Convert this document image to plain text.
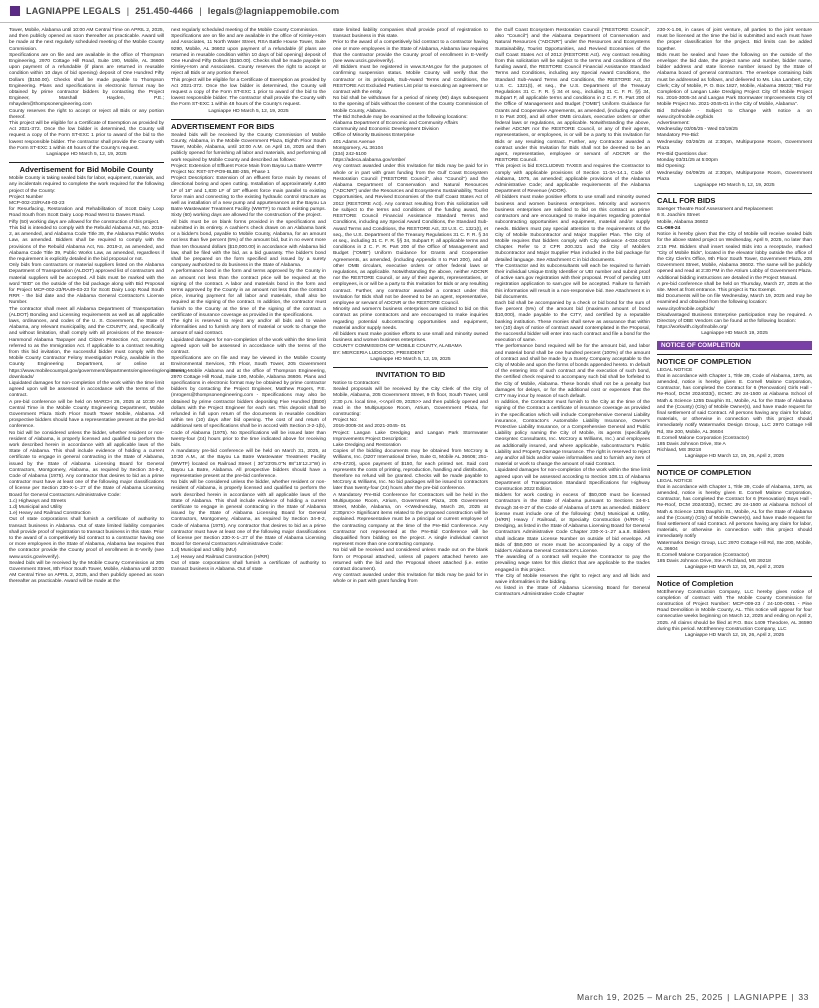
LAGNIAPPE LEGALS | 251.450-4466 | legals@lagniappemobile.com

Tower, Mobile, Alabama until 10:00 AM Central Time on APRIL 2, 2025, and then publicly opened as soon thereafter as practicable. Award will be made at the next regularly scheduled meeting of the Mobile County Commission.

Specifications are on file and are available in the office of Thompson Engineering, 2970 Cottage Hill Road, Suite 190, Mobile, AL 36606 upon payment of a refundable (if plans are returned in reusable condition within 10 days of bid opening) deposit of One Hundred Fifty Dollars ($150.00). Checks shall be made payable to Thompson Engineering. Plans and specifications in electronic format may be obtained by prime contractor bidders by contacting the Project Engineer, Marshall Hayden, P.E.; mhayden@thompsonengineering.com

County reserves the right to accept or reject all Bids or any portion thereof.

This project will be eligible for a Certificate of Exemption as provided by Act 2021-372. Once the low bidder is determined, the County will request a copy of the Form ST-EXC 1 prior to award of the bid to the lowest responsible bidder. The contractor shall provide the County with the Form ST-EXC 1 within 48 hours of the County's request.

Lagniappe HD March 5, 12, 19, 2025

Advertisement for Bid Mobile County

Mobile County is taking sealed bids for labor, equipment, materials, and any incidentals required to complete the work required for the following project of the County:

Project Number

MCP-002-23/RA49-03-23

for Resurfacing, Restoration and Rehabilitation of Scott Dairy Loop Road South from Scott Dairy Loop Road West to Dawes Road.

Fifty (50) working days are allowed for the construction of this project.

This bid is intended to comply with the Rebuild Alabama Act, No. 2019-2, as amended, and Alabama Code Title 39, the Alabama Public Works Law, as amended. Bidders shall be required to comply with the provisions of the Rebuild Alabama Act, No. 2019-2, as amended, and Alabama Code Title 39, Public Works Law, as amended, regardless if the requirement is explicitly detailed in the bid proposal or not.

Only bids from contractors or material suppliers listed on the Alabama Department of Transportation (ALDOT) approved list of contractors and material suppliers will be accepted. All bids must be marked with the word "BID" on the outside of the bid package along with Bid Proposal for Project MCP-002-23/RA49-03-23 for Scott Dairy Loop Road South RRR - the bid date and the Alabama General Contractor's License Number.

The contractor shall meet all Alabama Department of Transportation (ALDOT) Bonding and Licensing requirements as well as all applicable laws, ordinances, and codes of the U. S. Government, the State of Alabama, any relevant municipality, and the COUNTY, and, specifically and without limitation, shall comply with all provisions of the Beason-Hammond Alabama Taxpayer and Citizen Protection Act, commonly referred to as the Immigration Act. If applicable to a contract resulting from this bid invitation, the successful bidder must comply with the Mobile County Contractor Felony Investigation Policy, available in the County Engineering Department, or online at https://www.mobilecountyal.gov/government/departments/engineering/engineering-downloads/

Liquidated damages for non-completion of the work within the time limit agreed upon will be assessed in accordance with the terms of the contract.

A pre-bid conference will be held on MARCH 26, 2025 at 10:30 AM Central Time in the Mobile County Engineering Department, Mobile Government Plaza Sixth Floor South Tower Mobile, Alabama. All prospective bidders should have a representative present at the pre-bid conference.

No bid will be considered unless the bidder, whether resident or non-resident of Alabama, is properly licensed and qualified to perform the work described herein in accordance with all applicable laws of the State of Alabama. This shall include evidence of holding a current certificate to engage in general contracting in the State of Alabama, issued by the State of Alabama Licensing Board for General Contractors, Montgomery, Alabama, as required by Section 34-8-2, Code of Alabama (1975). Any contractor that desires to bid as a prime contractor must have at least one of the following major classifications of license per Section 230-X-1-.27 of the State of Alabama Licensing Board for General Contractors Administrative Code:

1.c) Highways and Streets

1.d) Municipal and Utility

1.e) Heavy and Railroad Construction

Out of state corporations shall furnish a certificate of authority to transact business in Alabama. Out of state limited liability companies shall provide proof of registration to transact business in this state. Prior to the award of a competitively bid contract to a contractor having one or more employees in the State of Alabama, Alabama law requires that the contractor provide the County proof of enrollment in E-Verify (see www.uscis.gov/everify).

Sealed bids will be received by the Mobile County Commission at 205 Government Street, 8th Floor South Tower, Mobile, Alabama until 10:00 AM Central Time on APRIL 2, 2025, and then publicly opened as soon thereafter as practicable. Award will be made at the

next regularly scheduled meeting of the Mobile County Commission.

Specifications are on file and are available in the office of Kimley-Horn and Associates, 11 North Water Street, RSA Battle House Tower, Suite 9290, Mobile, AL 36602 upon payment of a refundable (if plans are returned in reusable condition within 10 days of bid opening) deposit of One Hundred Fifty Dollars ($150.00). Checks shall be made payable to Kimley-Horn and Associates. County reserves the right to accept or reject all Bids or any portion thereof.

This project will be eligible for a Certificate of Exemption as provided by Act 2021-372. Once the low bidder is determined, the County will request a copy of the Form ST-EXC 1 prior to award of the bid to the lowest responsible bidder. The contractor shall provide the County with the Form ST-EXC 1 within 48 hours of the County's request.

Lagniappe HD March 5, 12, 19, 2025

ADVERTISEMENT FOR BIDS

Sealed bids will be received by the County Commission of Mobile County, Alabama, in the Mobile Government Plaza, Eighth Floor South Tower, Mobile, Alabama, until 10:00 A.M. on April 16, 2025 and then publicly opened for furnishing all labor and materials, and performing all work required by Mobile County and described as follows:

Project: Extension of Effluent Force Main from Bayou La Batre WWTF

Project No: RST-ST-PO9-BLBE-255, Phase 1

Project Description: Extension of an effluent force main by means of directional boring and open cutting. Installation of approximately 4,480 LF of 16" and 1,830 LF of 18" effluent force main parallel to existing force main and connecting to the existing hydraulic control structure as well as installation of a new pump and appurtenances at the Bayou La Batre Wastewater Treatment Facility (WWTF) to match existing pumps. Sixty (60) working days are allowed for the construction of the project.

All bids must be on blank forms provided in the specifications and submitted in its entirety. A cashier's check drawn on an Alabama bank or a bidder's bond, payable to Mobile County, Alabama, for an amount not less than five percent (5%) of the amount bid, but in no event more than ten thousand dollars ($10,000.00) in accordance with Alabama bid law, shall be filed with the bid, as a bid guaranty. The bidder's bond shall be prepared on the form specified and issued by a surety company authorized to do business in the State of Alabama.

A performance bond in the form and terms approved by the County in an amount not less than the contract price will be required at the signing of the contract. A labor and materials bond in the form and terms approved by the County in an amount not less than the contract price, insuring payment for all labor and materials, shall also be required at the signing of the contract. In addition, the contractor must furnish to the County at the time of the signing of the contract a certificate of insurance coverage as provided in the specifications.

The right is reserved to reject any and/or all bids and to waive informalities and to furnish any item of material or work to change the amount of said contract.

Liquidated damages for non-completion of the work within the time limit agreed upon will be assessed in accordance with the terms of the contract.

Specifications are on file and may be viewed in the Mobile County Environmental Services, 7th Floor, South Tower, 205 Government Street, Mobile Alabama and at the office of Thompson Engineering, 2970 Cottage Hill Road, Suite 190, Mobile, Alabama 36606. Plans and specifications in electronic format may be obtained by prime contractor bidders by contacting the Project Engineer, Matthew Rogers, P.E. (mrogers@thompsonengineering.com - Specifications may also be obtained by prime contractor bidders depositing Five Hundred ($500) dollars with the Project Engineer for each set. This deposit shall be refunded in full upon return of the documents in reusable condition within ten (10) days after bid opening. The cost of and return of additional sets of specifications shall be in accord with Section 3-2-1(b), Code of Alabama (1975). No Specifications will be issued later than twenty-four (24) hours prior to the time indicated above for receiving bids.

A mandatory pre-bid conference will be held on March 31, 2025, at 10:30 A.M., at the Bayou La Batre Wastewater Treatment Facility (WWTF) located on Railroad Street ( 30°23'05.0"N 88°15'12.2"W) in Bayou La Batre, Alabama. All prospective bidders should have a representative present at the pre-bid conference.

No bids will be considered unless the bidder, whether resident or non-resident of Alabama, is properly licensed and qualified to perform the work described herein in accordance with all applicable laws of the State of Alabama. This shall include evidence of holding a current certificate to engage in general contracting in the State of Alabama issued by the State of Alabama Licensing Board for General Contractors, Montgomery, Alabama, as required by Section 34-8-2, Code of Alabama (1975). Any contractor that desires to bid as a prime contractor must have at least one of the following major classifications of license per Section 230-X-1-.27 of the State of Alabama Licensing Board for General Contractors Administrative Code:

1.d) Municipal and Utility (MU)

1.e) Heavy and Railroad Construction (H/RR)

Out of state corporations shall furnish a certificate of authority to transact business in Alabama. Out of state

state limited liability companies shall provide proof of registration to transact business in this state.

Prior to the award of a competitively bid contract to a contractor having one or more employees in the State of Alabama, Alabama law requires that the contractor provide the County proof of enrollment in E-Verify (see www.uscis.gov/everify).

All Bidders must be registered in www.SAM.gov for the purposes of confirming suspension status. Mobile County will verify that the contractor or its principals, Sub-Award Terms and Conditions, the RESTORE Act Excluded Parties List prior to executing an agreement or contract with the entity.

No bid shall be withdrawn for a period of ninety (90) days subsequent to the opening of bids without the consent of the County Commission of Mobile County, Alabama.

The Bid Schedule may be examined at the following locations:

Alabama Department of Economic and Community Affairs

Community and Economic Development Division

Office of Minority Business Enterprise

401 Adams Avenue

Montgomery, AL 36104

(334) 242-5100

https://adeca.alabama.gov/ombe/

Any contract awarded under this Invitation for Bids may be paid for in whole or in part with grant funding from the Gulf Coast Ecosystem Restoration Council ("RESTORE Council", also "Council") and the Alabama Department of Conservation and Natural Resources ("ADCNR") under the Resources and Ecosystems Sustainability, Tourist Opportunities, and Revived Economies of the Gulf Coast States Act of 2012 (RESTORE Act). Any contract resulting from this solicitation will be subject to the terms and conditions of the funding award, the RESTORE Council Financial Assistance Standard Terms and Conditions, including any Special Award Conditions, the Standard Sub-Award Terms and Conditions, the RESTORE Act, 33 U.S. C. 1321(t), et seq., the U.S. Department of the Treasury Regulations 31 C. F. R. § 34 et seq., including 31 C. F. R. §§ 34, Subpart F, all applicable terms and conditions in 2 C. F. R. Part 200 of the Office of Management and Budget ("OMB") Uniform Guidance for Grants and Cooperative Agreements, as amended, (including Appendix II to Part 200), and all other OMB circulars, executive orders or other federal laws or regulations, as applicable. Notwithstanding the above, neither ADCNR nor the RESTORE Council, or any of their agents, representatives, or employees, is or will be a party to this Invitation for Bids or any resulting contract. Further, any contractor awarded a contract under this Invitation for Bids shall not be deemed to be an agent, representative, employee or servant of ADCNR or the RESTORE Council.

Minority and women's business enterprises are solicited to bid on this contract as prime contractors and are encouraged to make inquiries regarding potential subcontracting opportunities and equipment, material and/or supply needs.

All bidders must make positive efforts to use small and minority owned business and women business enterprises.

COUNTY COMMISSION OF MOBILE COUNTY, ALABAMA

BY: MERCERIA LUDGOOD, PRESIDENT

Lagniappe HD March 5, 12, 19, 2025

INVITATION TO BID

Notice to Contractors:

Sealed proposals will be received by the City Clerk of the City of Mobile, Alabama, 205 Government Street, 9 th floor, South Tower, until 2:30 p.m. local time, <<April 09, 2025>> and then publicly opened and read in the Multipurpose Room, Atrium, Government Plaza, for constructing:

Project No:

2016-3005-34 and 2021-2045- 01

Project: Langan Lake Dredging and Langan Park Stormwater Improvements Project Description:

Lake Dredging and Restoration

Copies of the bidding documents may be obtained from McCrory & Williams, Inc. (3207 International Drive, Suite G, Mobile AL 36606; 251-476-4720), upon payment of $150, for each printed set. Said cost represents the costs of printing, reproduction, handling and distribution, therefore no refund will be granted. Checks will be made payable to McCrory & Williams, Inc. No bid packages will be issued to contractors later than twenty-four (24) hours after the pre-bid conference.

A Mandatory Pre-Bid Conference for Contractors will be held in the Multipurpose Room, Atrium, Government Plaza, 205 Government Street, Mobile, Alabama, on <<Wednesday, March 26, 2025 at 2:30pm>> Significant items related to the proposed construction will be explained. Representative must be a principal or current employee of the contracting company at the time of the Pre-Bid Conference. Any Contractor not represented at the Pre-Bid Conference will be disqualified from bidding on the project. A single individual cannot represent more than one contracting company.

No bid will be received and considered unless made out on the blank form or Proposal attached, unless all papers attached hereto are returned with the bid and the Proposal sheet attached (i.e. entire contract document).

Any contract awarded under this Invitation for Bids may be paid for in whole or in part with grant funding from

the Gulf Coast Ecosystem Restoration Council ("RESTORE Council", also "Council") and the Alabama Department of Conservation and Natural Resources ("ADCNR") under the Resources and Ecosystems Sustainability, Tourist Opportunities, and Revived Economies of the Gulf Coast States Act of 2012 (RESTORE Act). Any contract resulting from this solicitation will be subject to the terms and conditions of the funding award, the RESTORE Council Financial Assistance Standard Terms and Conditions, including any Special Award Conditions, the Standard Sub-Award Terms and Conditions, the RESTORE Act, 33 U.S. C. 1321(t), et seq., the U.S. Department of the Treasury Regulations 31 C. F. R. § 34 et seq., including 31 C. F. R. §§ 34, Subpart F, all applicable terms and conditions in 2 C. F. R. Part 200 of the Office of Management and Budget ("OMB") Uniform Guidance for Grants and Cooperative Agreements, as amended, (including Appendix II to Part 200), and all other OMB circulars, executive orders or other federal laws or regulations, as applicable. Notwithstanding the above, neither ADCNR nor the RESTORE Council, or any of their agents, representatives, or employees, is or will be a party to this Invitation for Bids or any resulting contract. Further, any Contractor awarded a contract under this Invitation for Bids shall not be deemed to be an agent, representative, employee or servant of ADCNR or the RESTORE Council.

This project is bid EXCLUDING TAXES and requires the Contractor to comply with applicable provisions of Section 11-3A-14.1, Code of Alabama, 1975, as amended; applicable provisions of the Alabama Administrative Code; and applicable requirements of the Alabama Department of Revenue (ADOR).

All bidders must make positive efforts to use small and minority owned business and women business enterprises. Minority and women's business enterprises are solicited to bid on this contract as prime contractors and are encouraged to make inquiries regarding potential subcontracting opportunities and equipment, material and/or supply needs. Bidders must pay special attention to the requirements of the City of Mobile Subcontractor and Major Supplier Plan. The City of Mobile requires that bidders comply with City ordinance 4-034-2018 Chapter. Refer to 2 CFR 200.321 and the City of Mobile's Subcontractor and Major Supplier Plan included in the bid package for detailed language. See Attachment C in bid documents.

The Contractor and its subconsultants will each be required to furnish their individual Unique Entity Identifier or UEI number and submit proof of active sam.gov registration with their proposal. Proof of pending UEI registration application to sam.gov will be accepted. Failure to furnish this information will result in a non-responsive bid. See Attachment K in bid documents.

Each bid shall be accompanied by a check or bid bond for the sum of five percent (5%) of the amount bid (maximum amount of bond $10,000), made payable to the CITY, and certified by a reputable banking institution. These monies shall serve as assurance that within ten (10) days of notice of contract award contemplated in the Proposal, the successful bidder will enter into such contract and file a bond for the execution of same.

The performance bond required will be for the amount bid, and labor and material bond shall be one hundred percent (100%) of the amount of contract and shall be made by a Surety Company acceptable to the City of Mobile and upon the forms of bonds appended hereto. In default of the entering into of such contract and the execution of such bond, the certified check required to accompany such bid shall be forfeited to the City of Mobile, Alabama. These bonds shall not be a penalty but damages for delays, or for the additional cost or expenses that the CITY may incur by reason of such default.

In addition, the Contractor must furnish to the City at the time of the signing of the Contract a certificate of insurance coverage as provided in the specification which will include Comprehensive General Liability insurance, Contractor's Automobile Liability Insurance, Owner's Protective Liability Insurance, or a Comprehensive General and Public Liability policy naming the City of Mobile, its agents (specifically Geosyntec Consultants, Inc. McCrory & Williams, Inc.) and employees as additionally insured, and where applicable, subcontractor's Public Liability and Property Damage Insurance. The right is reserved to reject any and/or all bids and/or waive informalities and to furnish any item of material or work to change the amount of said Contract.

Liquidated damages for non-completion of the work within the time limit agreed upon will be assessed according to Section 108.11 of Alabama Department of Transportation Standard Specifications for Highway Construction 2022 Edition.

Bidders for work costing in excess of $50,000 must be licensed Contractors in the State of Alabama pursuant to Sections 34-8-1 through 34-8-27 of the Code of Alabama of 1975 as amended. Bidders' license must include one of the following: (MU) Municipal & Utility, (H/RR) Heavy / Railroad, or Specialty Construction (H/RR-S) - Dredging, as listed in the State of Alabama Licensing Board for General Contractors Administrative Code Chapter 230-X-1-.27 a.a.8. Bidders shall indicate State License Number on outside of bid envelope. All Bids of $50,000 or more must be accompanied by a copy of the bidder's Alabama General Contractor's License.

The awarding of a contract will require the Contractor to pay the prevailing wage rates for this district that are applicable to the trades engaged in this project.

The City of Mobile reserves the right to reject any and all bids and waive informalities in the bidding.

As listed in the State of Alabama Licensing Board for General Contractors Administrative Code Chapter

230-X-1.06, in cases of joint venture, all parties to the joint venture must be licensed at the time the bid is submitted and each must have the proper classification for the project. Bid limits can be added together.

Bids must be sealed and have the following on the outside of the envelope: the bid date, the project name and number, bidder name, bidder address and state license number issued by the State of Alabama board of general contractors. The envelope containing bids must be addressed as follows, and delivered to Ms. Lisa Lambert, City Clerk; City of Mobile, P. O. Box 1827, Mobile, Alabama 36633; "Bid For Completion of Langan Lake Dredging Project City Of Mobile Project No. 2016-3005-34 and Langan Park Stormwater Improvements City Of Mobile Project No. 2021-2045-01 in the City of Mobile, Alabama".

Bid Schedule - Subject to Change with notice a on www.cityofmobile.org/bids

Advertisement:

Wednesday 03/05/25 - Wed 03/19/25

Mandatory Pre-Bid:

Wednesday 03/26/25 at 2:30pm, Multipurpose Room, Government Plaza

Pre-Bid Questions due:

Monday 03/31/25 at 5:00pm

Bid Opening:

Wednesday 04/09/25 at 2:30pm, Multipurpose Room, Government Plaza

Lagniappe HD March 5, 12, 19, 2025

CALL FOR BIDS

Saenger Theatre Roof Assessment and Replacement

6 S. Joachim Street

Mobile, Alabama 36602

CL-069-24

Notice is hereby given that the City of Mobile will receive sealed bids for the above stated project on Wednesday, April 9, 2025, no later than 2:15 PM. Bidders shall insert sealed Bids into a receptacle, marked "City of Mobile Bids", located in the elevator lobby outside the office of the City Clerk's Office, 9th Floor South Tower, Government Plaza, 205 Government Street, Mobile, Alabama 36602. The same will be publicly opened and read at 2:30 PM in the Atrium Lobby of Government Plaza. Additional bidding instructions are detailed in the Project Manual.

A pre-bid conference shall be held on Thursday, March 27, 2025 at the site. Meet at front entrance. This project is Tax Exempt.

Bid Documents will be on file Wednesday, March 19, 2025 and may be examined and obtained from the following location:

www.cityofmobile.org/bids/

Disadvantaged Business Enterprise participation may be required. A Directory of DBE Vendors can be found at the following location:

https://workwith.cityofmobile.org/

Lagniappe HD March 19, 2025

NOTICE OF COMPLETION
NOTICE OF COMPLETION

LEGAL NOTICE

that in accordance with Chapter 1, Title 39, Code of Alabama, 1975, as amended, notice is hereby given E. Cornell Malone Corporation, Contractor, has completed the Contract for 6 (Renovation) Girls Hall - Re-Roof, DCM 2024033(), ECMC JN 24-1500 at Alabama School of Math & Science 1255 Dauphin St., Mobile, AL for the State of Alabama and the (County) (City) of Mobile Owner(s), and have made request for final settlement of said Contract. All persons having any claim for labor, materials, or otherwise in connection with this project should immediately notify Watermarks Design Group, LLC 2970 Cottage Hill Rd, Ste 200, Mobile, AL 36604

E.Cornell Malone Corporation (Contractor)

185 Davis Johnson Drive, Ste A

Richland, MS 39218

Lagniappe HD March 12, 19, 26, April 2, 2025

NOTICE OF COMPLETION

LEGAL NOTICE

that in accordance with Chapter 1, Title 39, Code of Alabama, 1975, as amended, notice is hereby given E. Cornell Malone Corporation, Contractor, has completed the Contract for 6 (Renovation) Boys Hall - Re-Roof, DCM 2024033(), ECMC JN 24-1500 at Alabama School of Math & Science 1255 Dauphin St., Mobile, AL for the State of Alabama and the (County) (City) of Mobile Owner(s), and have made request for final settlement of said Contract. All persons having any claim for labor, materials, or otherwise in connection with this project should immediately notify

Watermarks Design Group, LLC 2970 Cottage Hill Rd, Ste 200, Mobile, AL 36604

E.Cornell Malone Corporation (Contractor)

185 Davis Johnson Drive, Ste A Richland, MS 39218

Lagniappe HD March 12, 19, 26, April 2, 2025

Notice of Completion

McElhenney Construction Company, LLC hereby gives notice of completion of contract with The Mobile County Commission for construction of Project Number: MCP-009-23 / 24-100-0051 - Pine Road Demolition in Mobile County, AL. This notice will appear for four consecutive weeks beginning on March 12, 2025 and ending on April 2, 2025. All claims should be filed at P.O. Box 1409 Theodore, AL 36590 during this period. McElhenney Construction Company, LLC

Lagniappe HD March 12, 19, 26, April 2, 2025

March 19, 2025 – March 25, 2025 | LAGNIAPPE | 33
